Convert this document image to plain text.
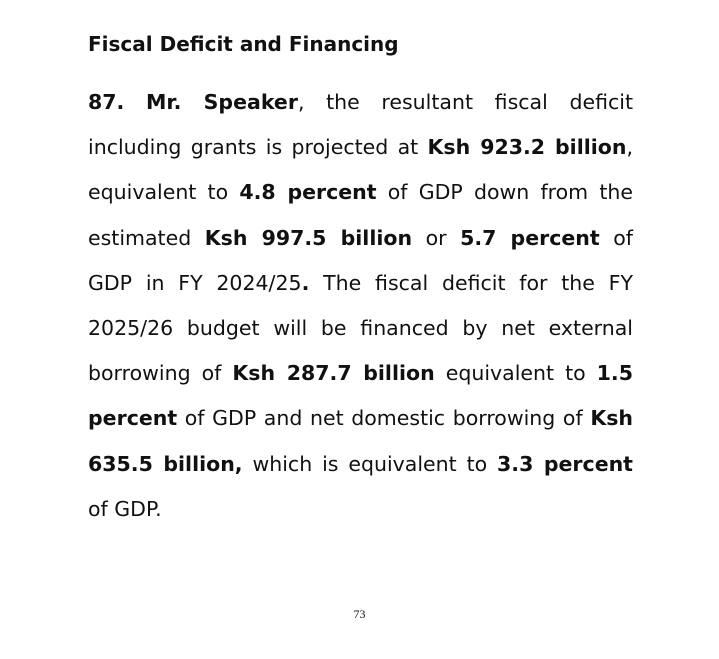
Fiscal Deficit and Financing

87. Mr. Speaker, the resultant fiscal deficit including grants is projected at Ksh 923.2 billion, equivalent to 4.8 percent of GDP down from the estimated Ksh 997.5 billion or 5.7 percent of GDP in FY 2024/25. The fiscal deficit for the FY 2025/26 budget will be financed by net external borrowing of Ksh 287.7 billion equivalent to 1.5 percent of GDP and net domestic borrowing of Ksh 635.5 billion, which is equivalent to 3.3 percent of GDP.

73
